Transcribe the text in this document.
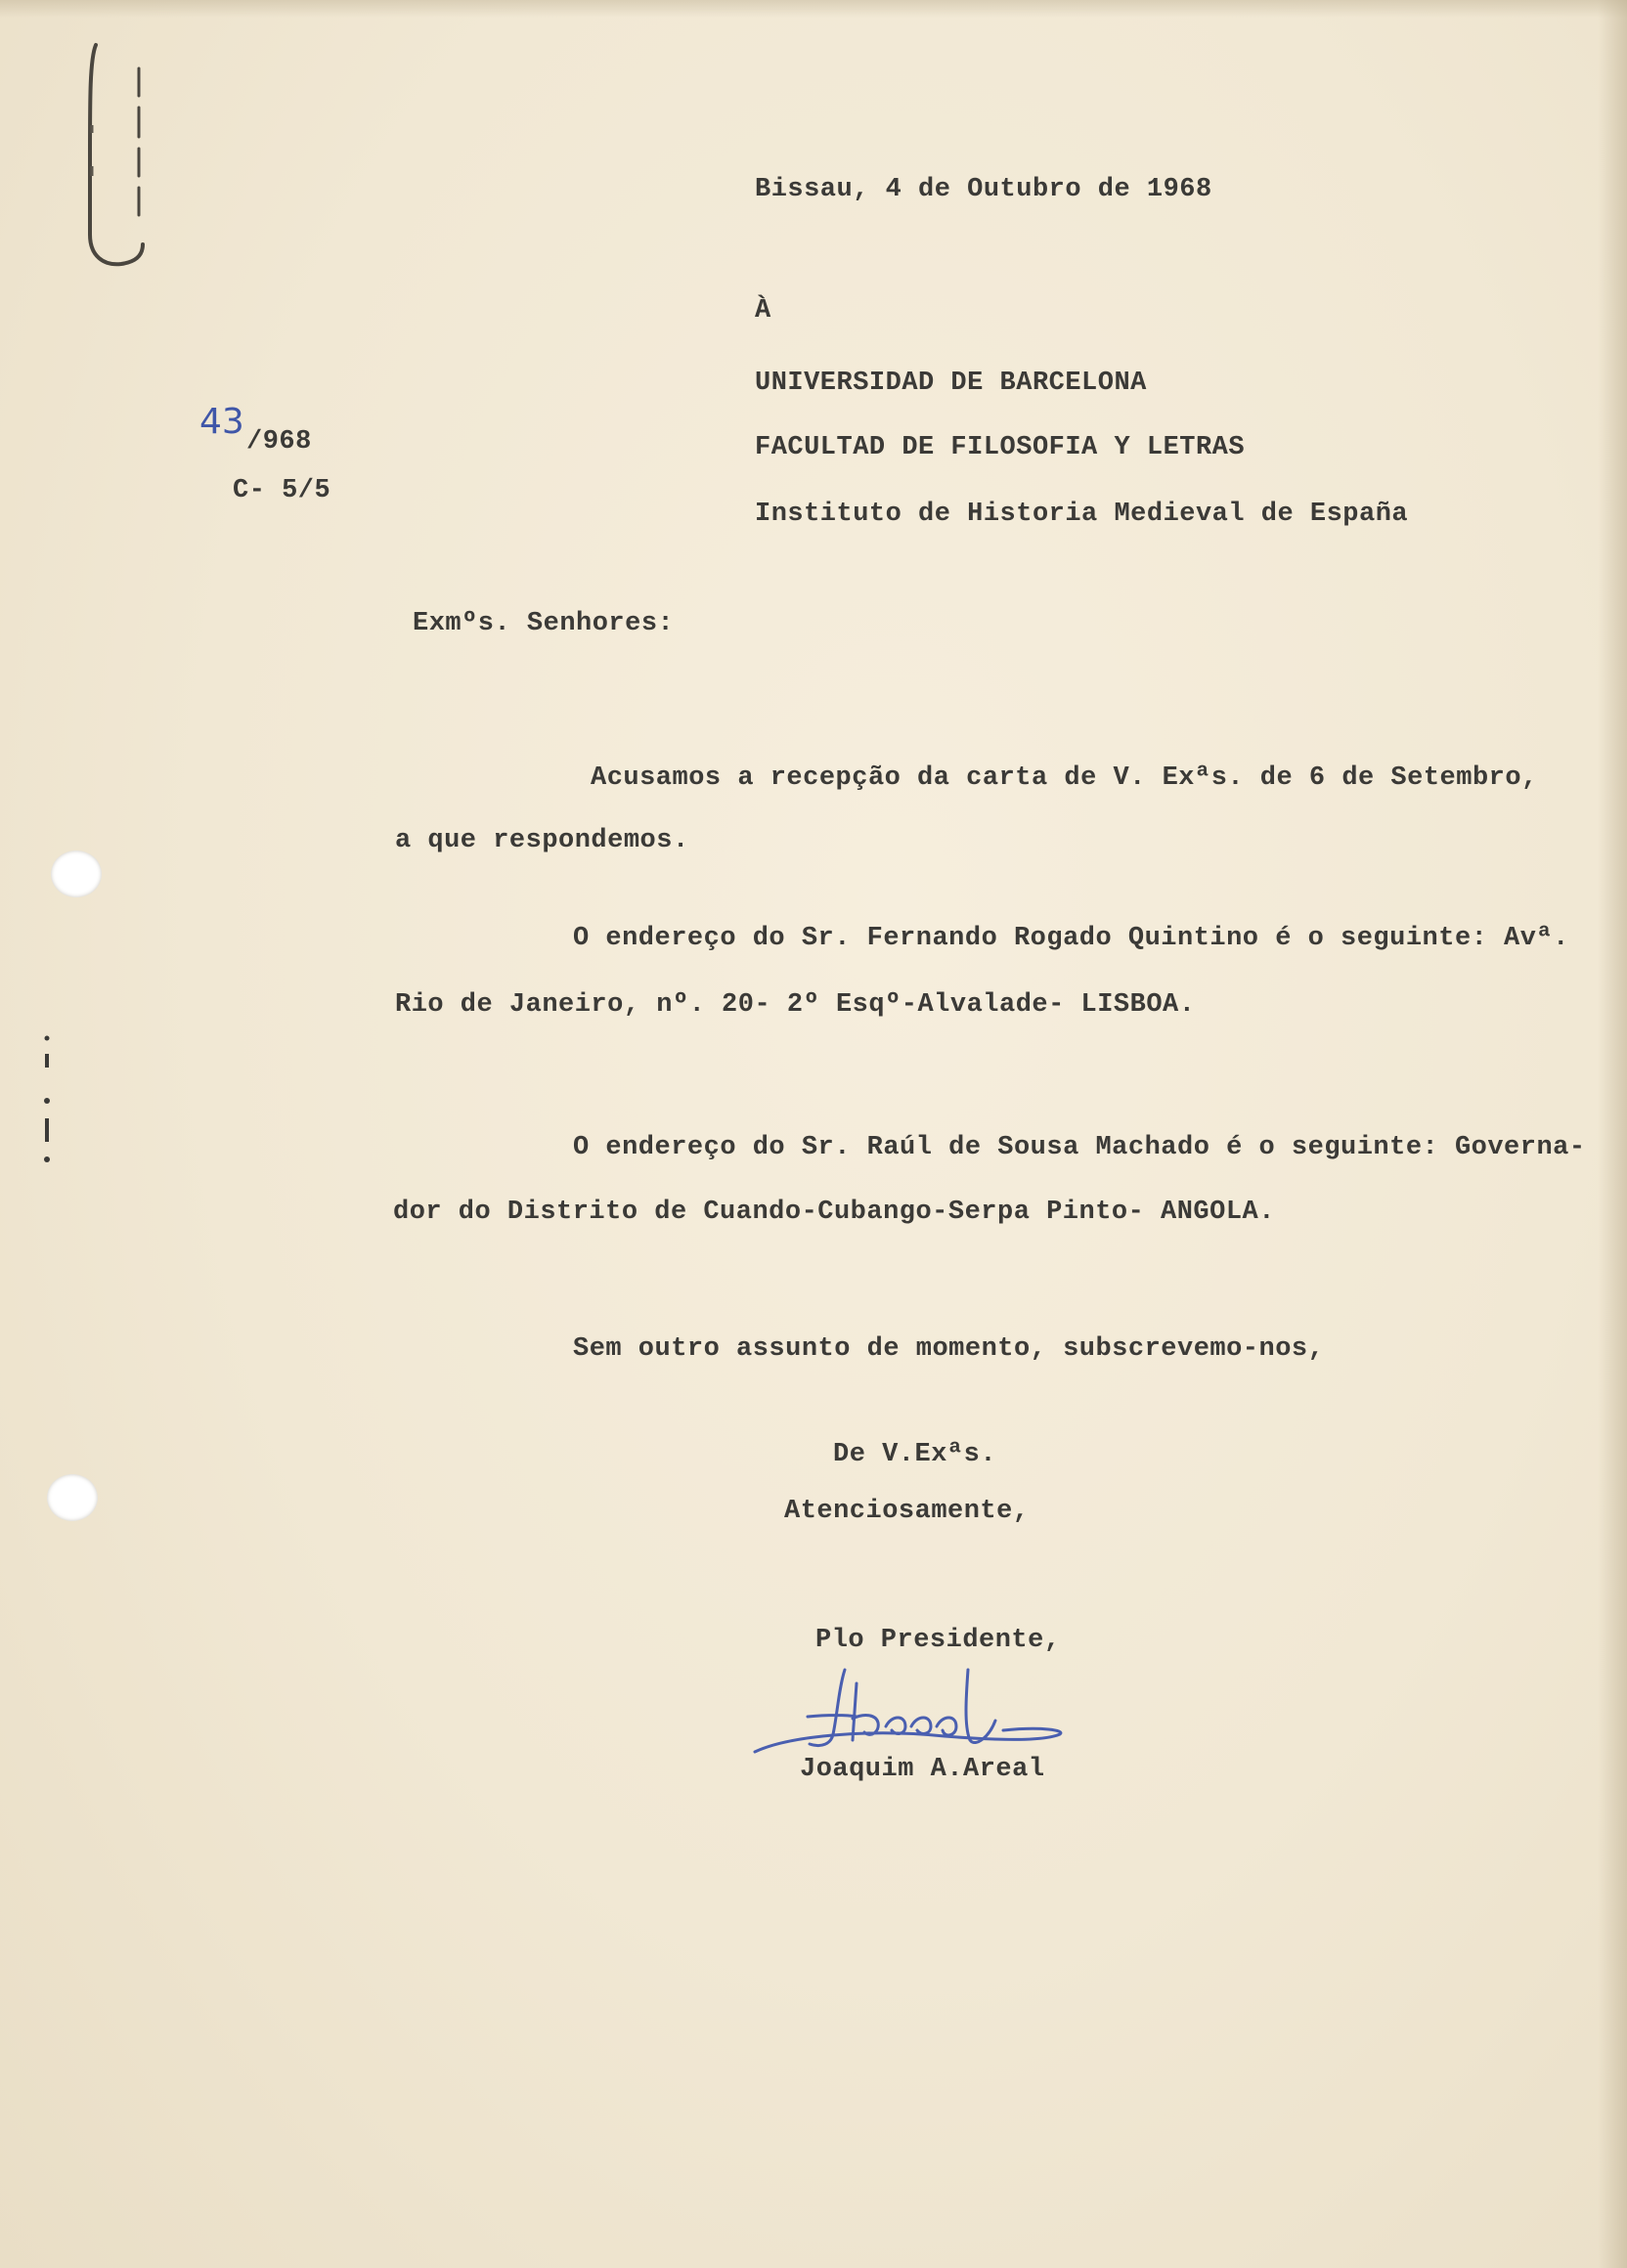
Bissau, 4 de Outubro de 1968

À

UNIVERSIDAD DE BARCELONA

FACULTAD DE FILOSOFIA Y LETRAS

Instituto de Historia Medieval de España

43 /968

C- 5/5

Exmºs. Senhores:

Acusamos a recepção da carta de V. Exªs. de 6 de Setembro,

a que respondemos.

O endereço do Sr. Fernando Rogado Quintino é o seguinte: Avª.

Rio de Janeiro, nº. 20- 2º Esqº-Alvalade- LISBOA.

O endereço do Sr. Raúl de Sousa Machado é o seguinte: Governa-

dor do Distrito de Cuando-Cubango-Serpa Pinto- ANGOLA.

Sem outro assunto de momento, subscrevemo-nos,

De V.Exªs.

Atenciosamente,

Plo Presidente,

Joaquim A.Areal
